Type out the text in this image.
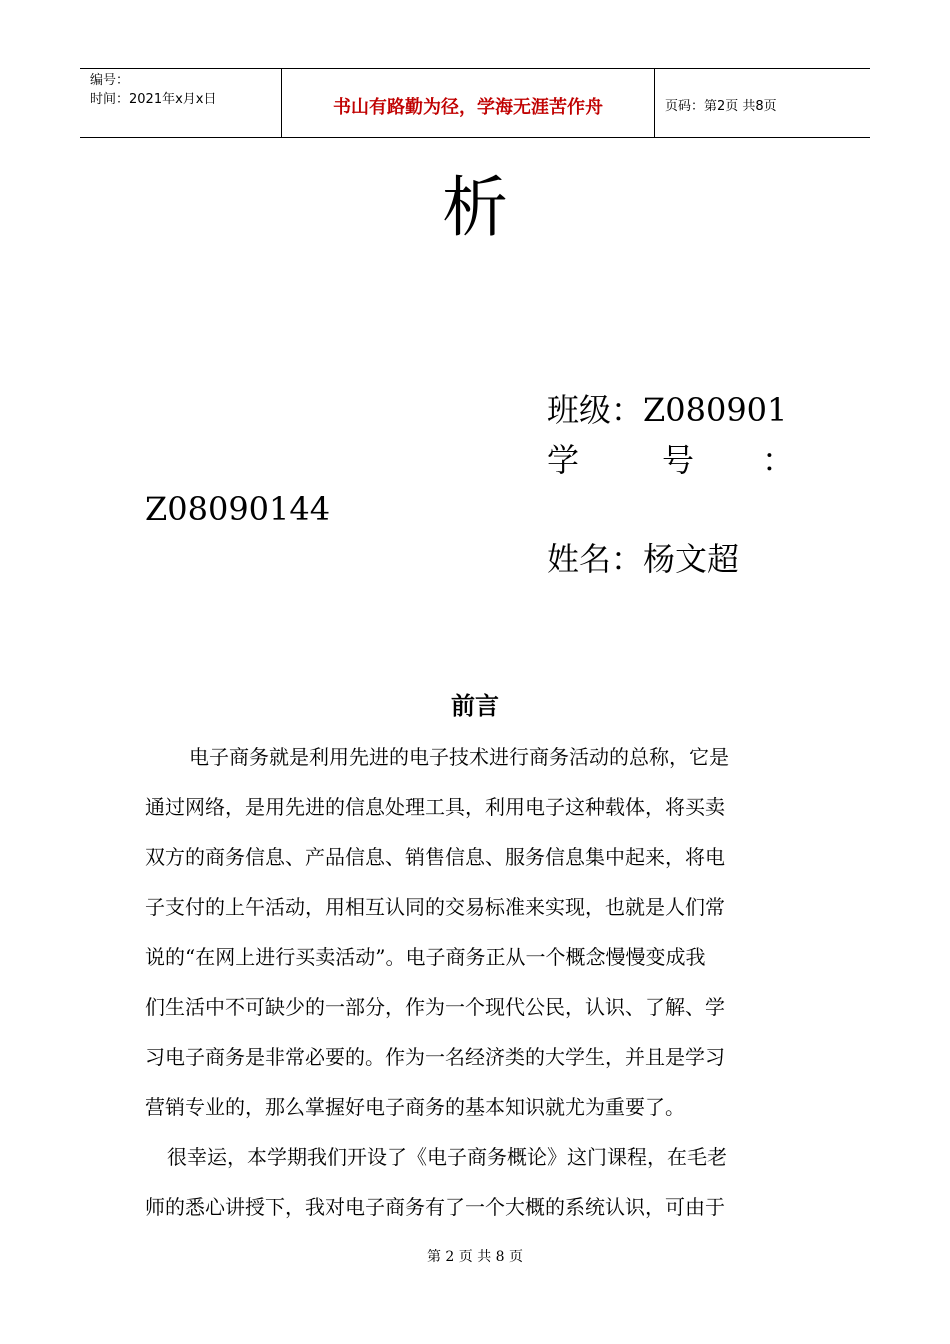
编号：
时间：2021年x月x日	书山有路勤为径，学海无涯苦作舟	页码：第2页 共8页
析
班级：Z080901
学	号 ：
Z08090144
姓名：杨文超
前言
电子商务就是利用先进的电子技术进行商务活动的总称，它是
通过网络，是用先进的信息处理工具，利用电子这种载体，将买卖
双方的商务信息、产品信息、销售信息、服务信息集中起来，将电
子支付的上午活动，用相互认同的交易标准来实现，也就是人们常
说的“在网上进行买卖活动”。电子商务正从一个概念慢慢变成我
们生活中不可缺少的一部分，作为一个现代公民，认识、了解、学
习电子商务是非常必要的。作为一名经济类的大学生，并且是学习
营销专业的，那么掌握好电子商务的基本知识就尤为重要了。
很幸运，本学期我们开设了《电子商务概论》这门课程，在毛老
师的悉心讲授下，我对电子商务有了一个大概的系统认识，可由于
第 2 页 共 8 页
